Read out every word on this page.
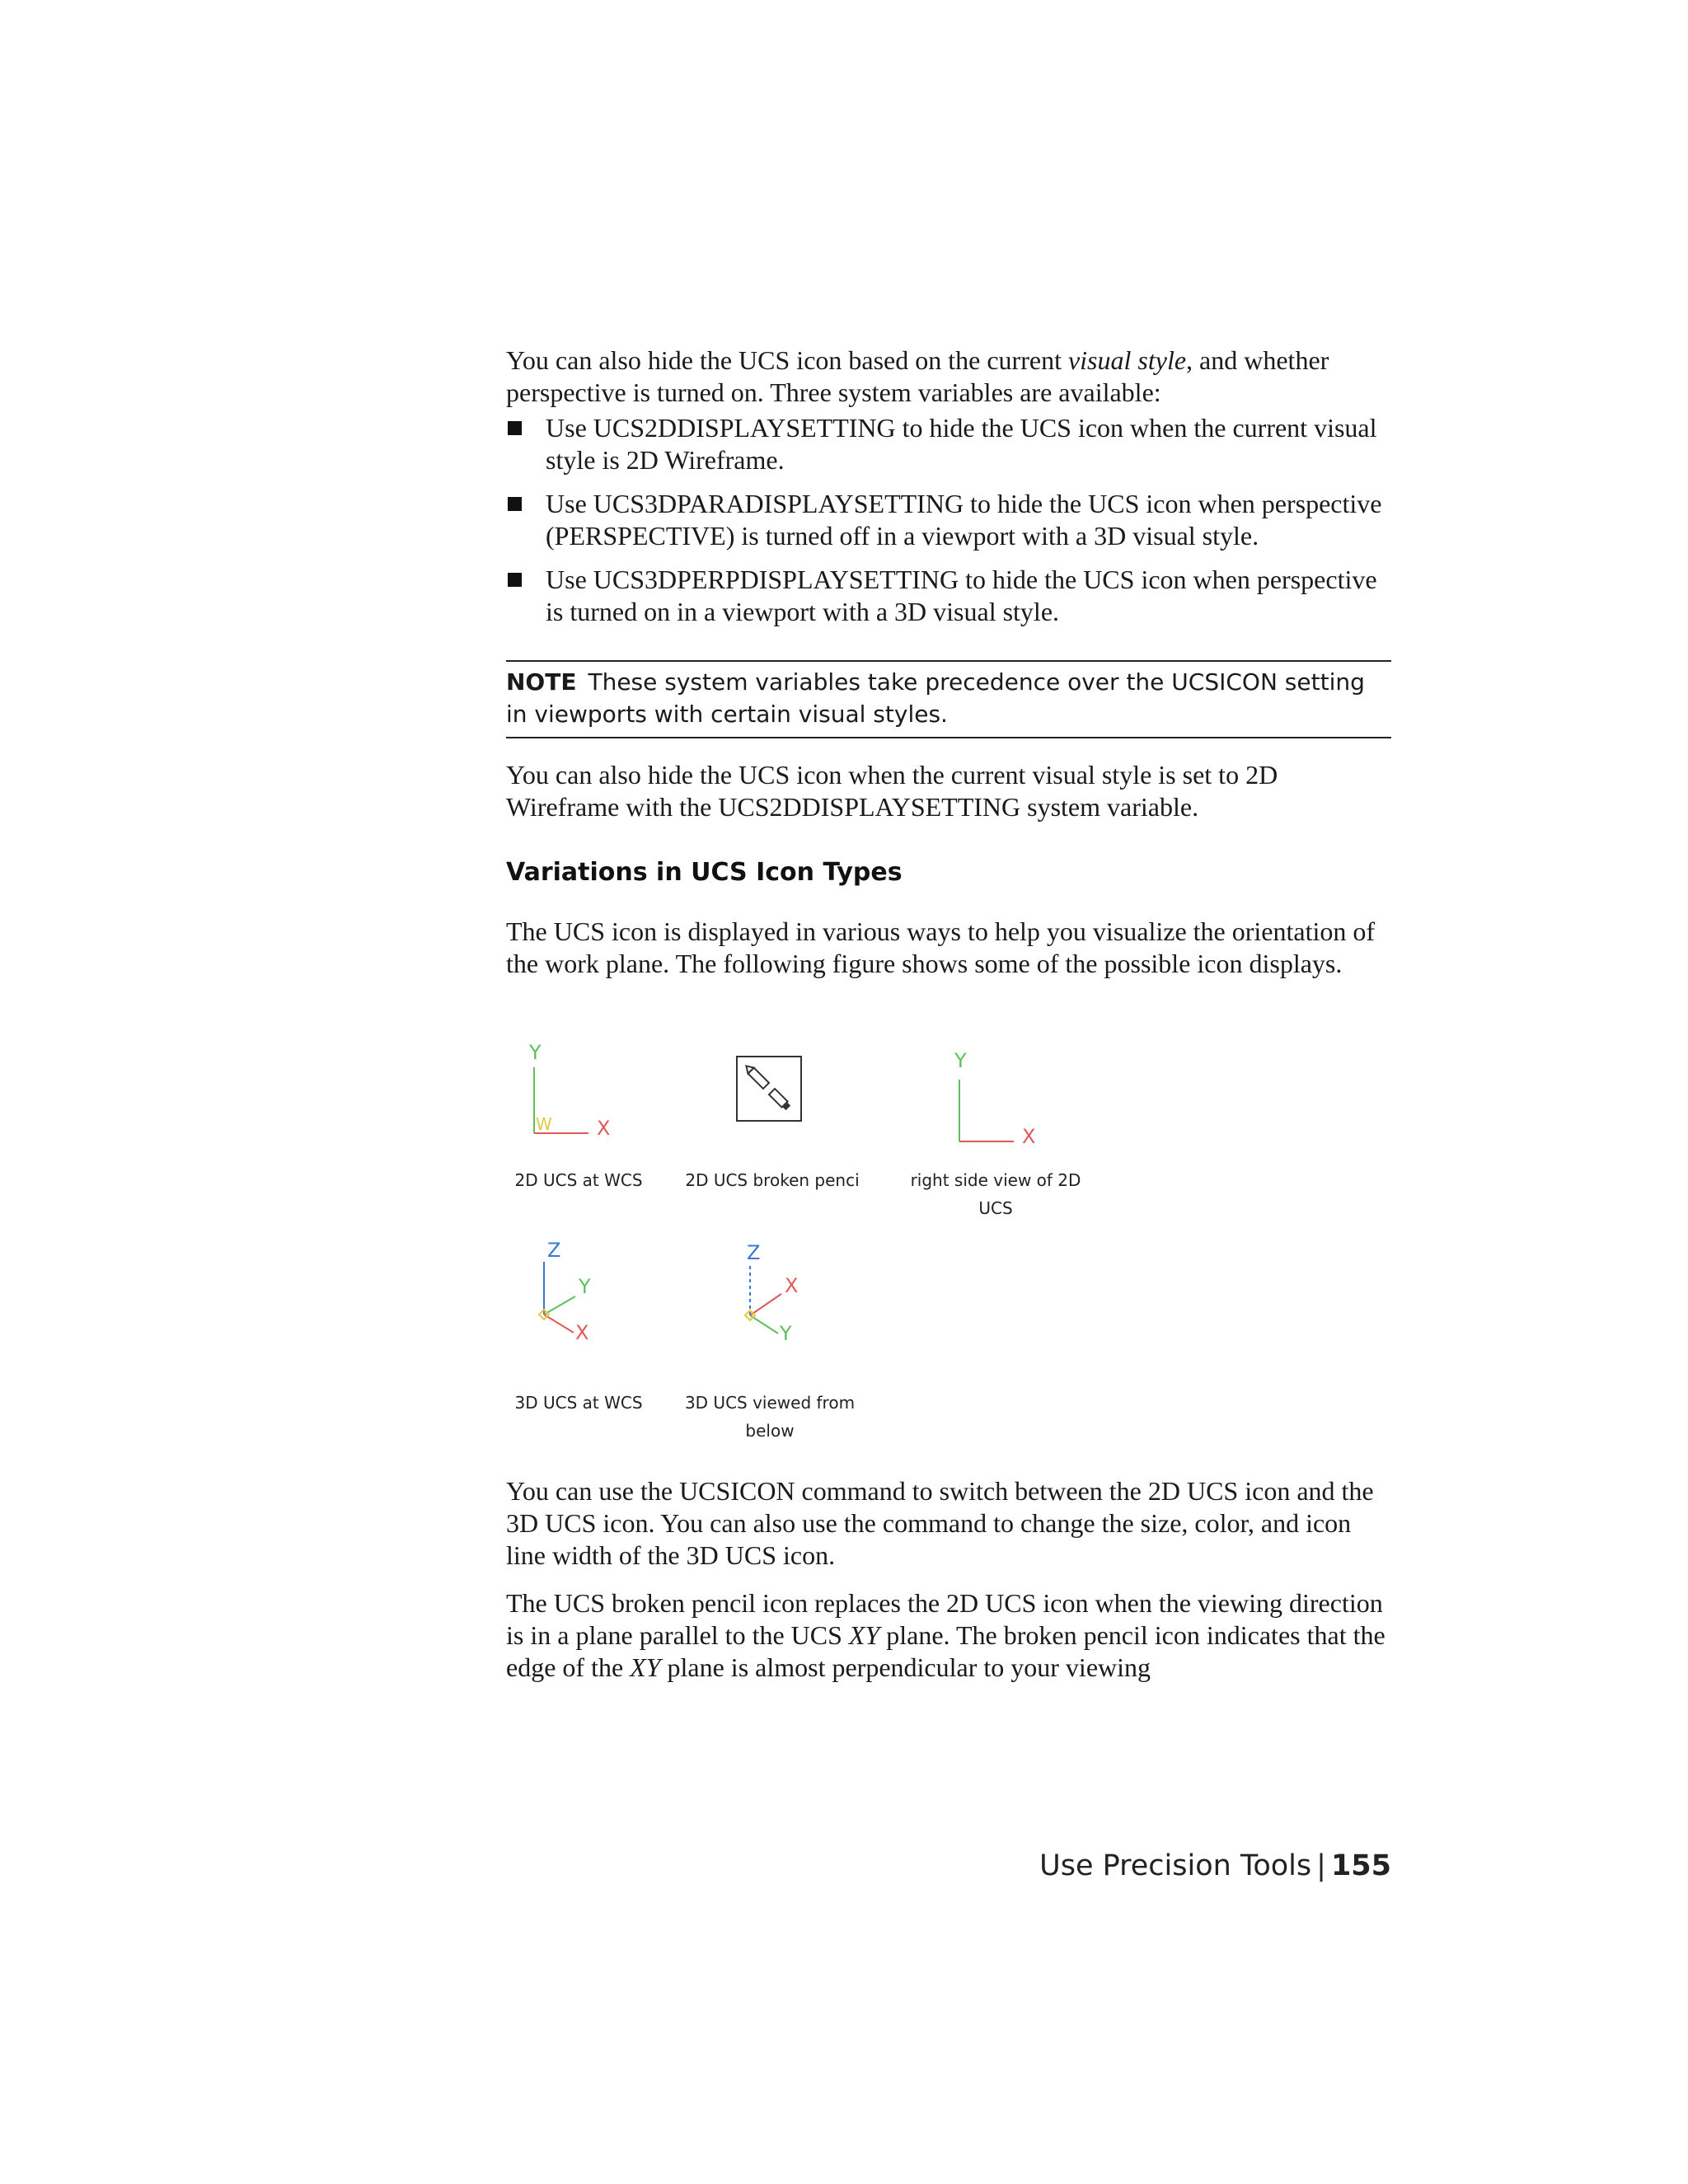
You can also hide the UCS icon based on the current visual style, and whether perspective is turned on. Three system variables are available:

Use UCS2DDISPLAYSETTING to hide the UCS icon when the current visual style is 2D Wireframe.
Use UCS3DPARADISPLAYSETTING to hide the UCS icon when perspective (PERSPECTIVE) is turned off in a viewport with a 3D visual style.
Use UCS3DPERPDISPLAYSETTING to hide the UCS icon when perspective is turned on in a viewport with a 3D visual style.

NOTE These system variables take precedence over the UCSICON setting in viewports with certain visual styles.

You can also hide the UCS icon when the current visual style is set to 2D Wireframe with the UCS2DDISPLAYSETTING system variable.

Variations in UCS Icon Types

The UCS icon is displayed in various ways to help you visualize the orientation of the work plane. The following figure shows some of the possible icon displays.

Y
W X
2D UCS at WCS	2D UCS broken penci
Y
X
right side view of 2D UCS
Z
Y
X
3D UCS at WCS
Z
X
Y
3D UCS viewed from below

You can use the UCSICON command to switch between the 2D UCS icon and the 3D UCS icon. You can also use the command to change the size, color, and icon line width of the 3D UCS icon.

The UCS broken pencil icon replaces the 2D UCS icon when the viewing direction is in a plane parallel to the UCS XY plane. The broken pencil icon indicates that the edge of the XY plane is almost perpendicular to your viewing

Use Precision Tools | 155
